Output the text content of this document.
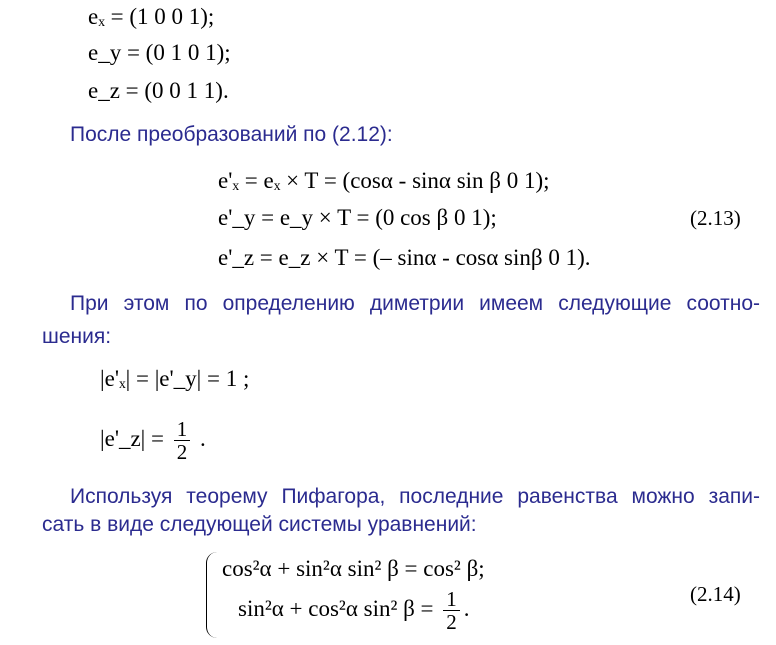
eₓ = (1 0 0 1);
e_y = (0 1 0 1);
e_z = (0 0 1 1).
После преобразований по (2.12):
e'ₓ = eₓ × T = (cosα - sinα sin β 0 1);
e'_y = e_y × T = (0 cos β 0 1);	(2.13)
e'_z = e_z × T = (– sinα - cosα sinβ 0 1).
При этом по определению диметрии имеем следующие соотно-
шения:
|e'ₓ| = |e'_y| = 1 ;
|e'_z| = $\frac{1}{2}$ .
Используя теорему Пифагора, последние равенства можно запи-
сать в виде следующей системы уравнений:
cos²α + sin²α sin² β = cos² β;
(2.14)
sin²α + cos²α sin² $\beta = \frac{1}{2}$ .
